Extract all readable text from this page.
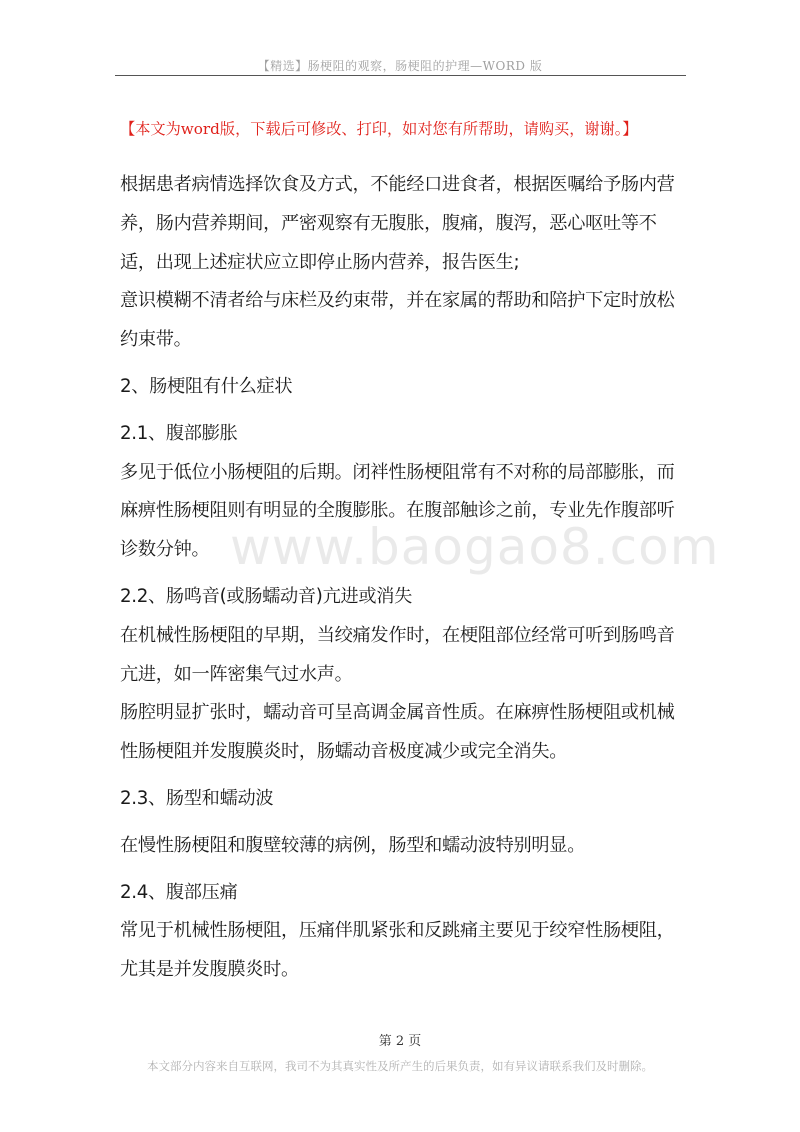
【精选】肠梗阻的观察，肠梗阻的护理—WORD 版
【本文为word版，下载后可修改、打印，如对您有所帮助，请购买，谢谢。】
www.baogao8.com

根据患者病情选择饮食及方式，不能经口进食者，根据医嘱给予肠内营养，肠内营养期间，严密观察有无腹胀，腹痛，腹泻，恶心呕吐等不适，出现上述症状应立即停止肠内营养，报告医生;

意识模糊不清者给与床栏及约束带，并在家属的帮助和陪护下定时放松约束带。

2、肠梗阻有什么症状

2.1、腹部膨胀

多见于低位小肠梗阻的后期。闭袢性肠梗阻常有不对称的局部膨胀，而麻痹性肠梗阻则有明显的全腹膨胀。在腹部触诊之前，专业先作腹部听诊数分钟。

2.2、肠鸣音(或肠蠕动音)亢进或消失

在机械性肠梗阻的早期，当绞痛发作时，在梗阻部位经常可听到肠鸣音亢进，如一阵密集气过水声。

肠腔明显扩张时，蠕动音可呈高调金属音性质。在麻痹性肠梗阻或机械性肠梗阻并发腹膜炎时，肠蠕动音极度减少或完全消失。

2.3、肠型和蠕动波

在慢性肠梗阻和腹壁较薄的病例，肠型和蠕动波特别明显。

2.4、腹部压痛

常见于机械性肠梗阻，压痛伴肌紧张和反跳痛主要见于绞窄性肠梗阻，尤其是并发腹膜炎时。

第 2 页
本文部分内容来自互联网，我司不为其真实性及所产生的后果负责，如有异议请联系我们及时删除。
